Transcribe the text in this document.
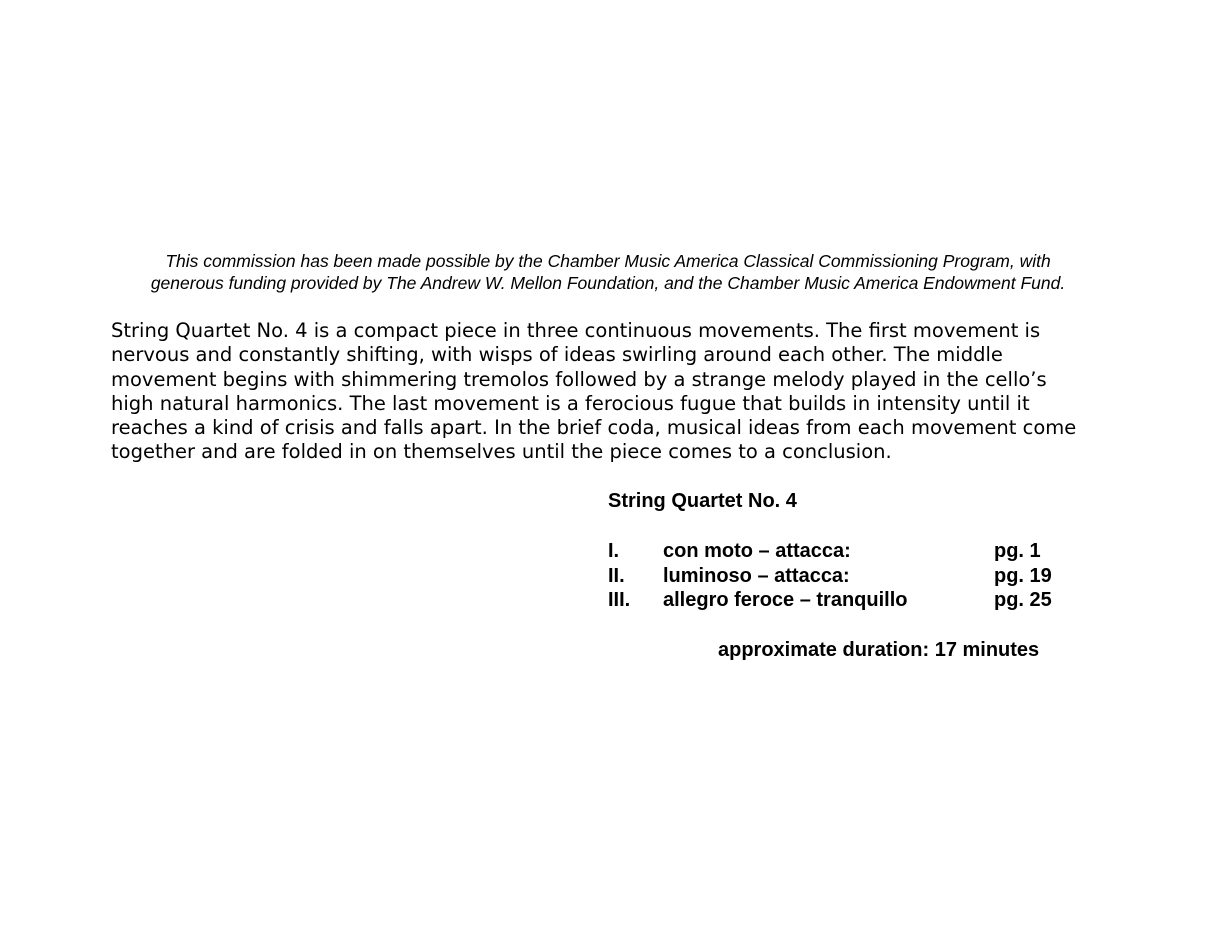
This commission has been made possible by the Chamber Music America Classical Commissioning Program, with
generous funding provided by The Andrew W. Mellon Foundation, and the Chamber Music America Endowment Fund.
String Quartet No. 4 is a compact piece in three continuous movements. The first movement is
nervous and constantly shifting, with wisps of ideas swirling around each other. The middle
movement begins with shimmering tremolos followed by a strange melody played in the cello’s
high natural harmonics. The last movement is a ferocious fugue that builds in intensity until it
reaches a kind of crisis and falls apart. In the brief coda, musical ideas from each movement come
together and are folded in on themselves until the piece comes to a conclusion.
String Quartet No. 4
I. con moto – attacca:	pg. 1
II. luminoso – attacca:	pg. 19
III. allegro feroce – tranquillo	pg. 25
approximate duration: 17 minutes
